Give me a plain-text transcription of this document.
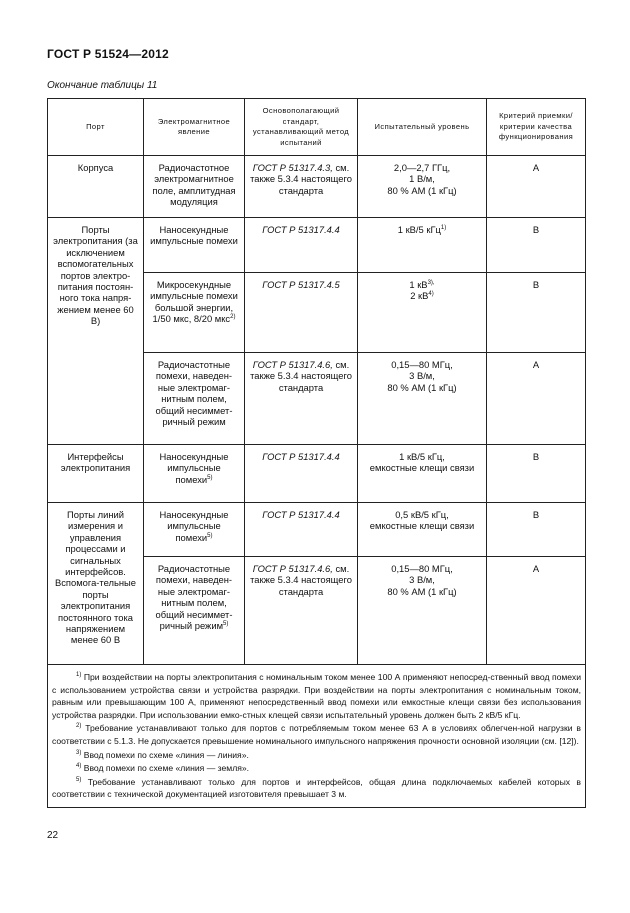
ГОСТ Р 51524—2012
Окончание таблицы 11
Порт	Электромагнитное явление	Основополагающий стандарт, устанавливающий метод испытаний	Испытательный уровень	Критерий приемки/ критерии качества функционирования
Корпуса	Радиочастотное электромагнитное поле, амплитудная модуляция	ГОСТ Р 51317.4.3, см. также 5.3.4 настоящего стандарта	2,0—2,7 ГГц,
1 В/м,
80 % АМ (1 кГц)	A
Порты электропитания (за исключением вспомогательных портов электро-питания постоян-ного тока напря-жением менее 60 В)	Наносекундные импульсные помехи	ГОСТ Р 51317.4.4	1 кВ/5 кГц$^{1)}$	B
	Микросекундные импульсные помехи большой энергии, 1/50 мкс, 8/20 мкс$^{2)}$	ГОСТ Р 51317.4.5	1 $кВ^{3),}$
2 $кВ^{4)}$	B
	Радиочастотные помехи, наведен-ные электромаг-нитным полем, общий несиммет-ричный режим	ГОСТ Р 51317.4.6, см. также 5.3.4 настоящего стандарта	0,15—80 МГц,
3 В/м,
80 % АМ (1 кГц)	A
Интерфейсы электропитания	Наносекундные импульсные помехи$^{5)}$	ГОСТ Р 51317.4.4	1 кВ/5 кГц,
емкостные клещи связи	B
Порты линий измерения и управления процессами и сигнальных интерфейсов. Вспомога-тельные порты электропитания постоянного тока напряжением менее 60 В	Наносекундные импульсные помехи$^{5)}$	ГОСТ Р 51317.4.4	0,5 кВ/5 кГц,
емкостные клещи связи	B
	Радиочастотные помехи, наведен-ные электромаг-нитным полем, общий несиммет-ричный режим$^{5)}$	ГОСТ Р 51317.4.6, см. также 5.3.4 настоящего стандарта	0,15—80 МГц,
3 В/м,
80 % АМ (1 кГц)	A

$^{1)}$ При воздействии на порты электропитания с номинальным током менее 100 А применяют непосред-ственный ввод помехи с использованием устройства связи и устройства разрядки. При воздействии на порты электропитания с номинальным током, равным или превышающим 100 А, применяют непосредственный ввод помехи или емкостные клещи связи без использования устройства разрядки. При использовании емко-стных клещей связи испытательный уровень должен быть 2 кВ/5 кГц.

$^{2)}$ Требование устанавливают только для портов с потребляемым током менее 63 А в условиях облегчен-ной нагрузки в соответствии с 5.1.3. Не допускается превышение номинального импульсного напряжения прочности основной изоляции (см. [12]).

$^{3)}$ Ввод помехи по схеме «линия — линия».

$^{4)}$ Ввод помехи по схеме «линия — земля».

$^{5)}$ Требование устанавливают только для портов и интерфейсов, общая длина подключаемых кабелей которых в соответствии с технической документацией изготовителя превышает 3 м.				

22
